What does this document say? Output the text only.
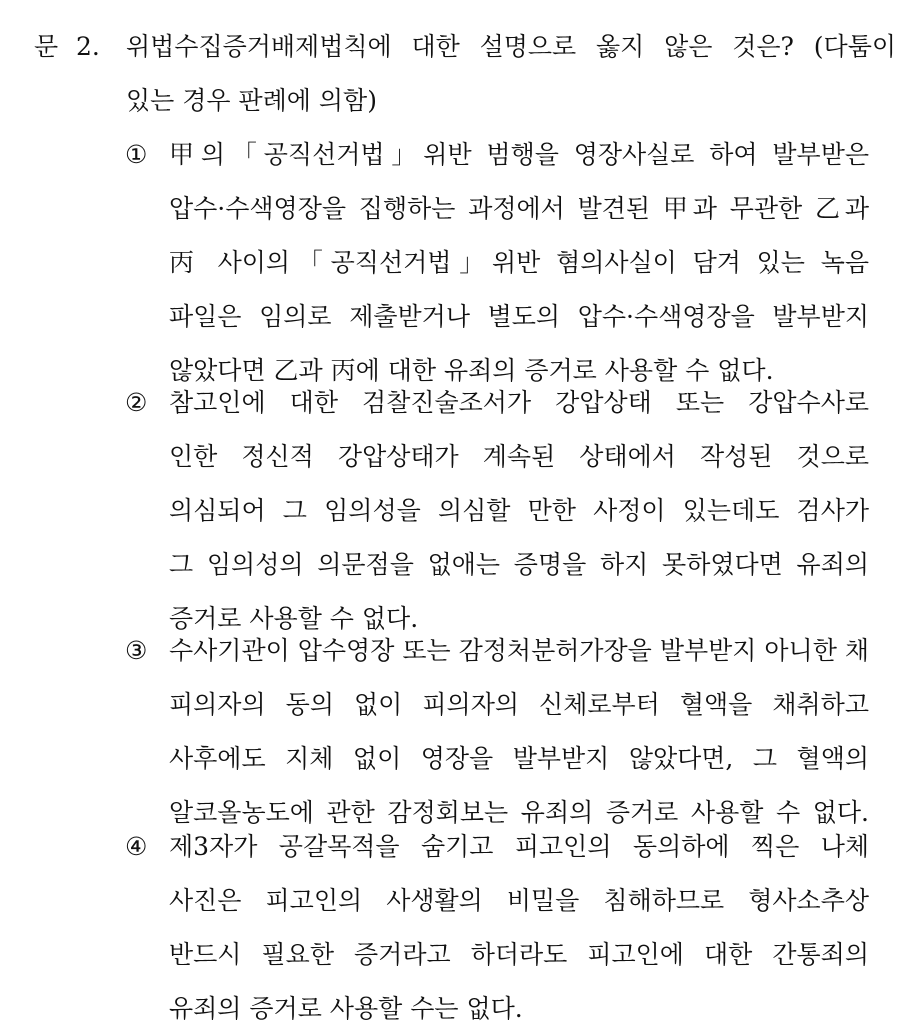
문 2. 위법수집증거배제법칙에 대한 설명으로 옳지 않은 것은? (다툼이
있는 경우 판례에 의함)
① 甲의「공직선거법」위반 범행을 영장사실로 하여 발부받은
압수·수색영장을 집행하는 과정에서 발견된 甲과 무관한 乙과
丙 사이의「공직선거법」위반 혐의사실이 담겨 있는 녹음
파일은 임의로 제출받거나 별도의 압수·수색영장을 발부받지
않았다면 乙과 丙에 대한 유죄의 증거로 사용할 수 없다.
② 참고인에 대한 검찰진술조서가 강압상태 또는 강압수사로
인한 정신적 강압상태가 계속된 상태에서 작성된 것으로
의심되어 그 임의성을 의심할 만한 사정이 있는데도 검사가
그 임의성의 의문점을 없애는 증명을 하지 못하였다면 유죄의
증거로 사용할 수 없다.
③ 수사기관이 압수영장 또는 감정처분허가장을 발부받지 아니한 채
피의자의 동의 없이 피의자의 신체로부터 혈액을 채취하고
사후에도 지체 없이 영장을 발부받지 않았다면, 그 혈액의
알코올농도에 관한 감정회보는 유죄의 증거로 사용할 수 없다.
④ 제3자가 공갈목적을 숨기고 피고인의 동의하에 찍은 나체
사진은 피고인의 사생활의 비밀을 침해하므로 형사소추상
반드시 필요한 증거라고 하더라도 피고인에 대한 간통죄의
유죄의 증거로 사용할 수는 없다.
